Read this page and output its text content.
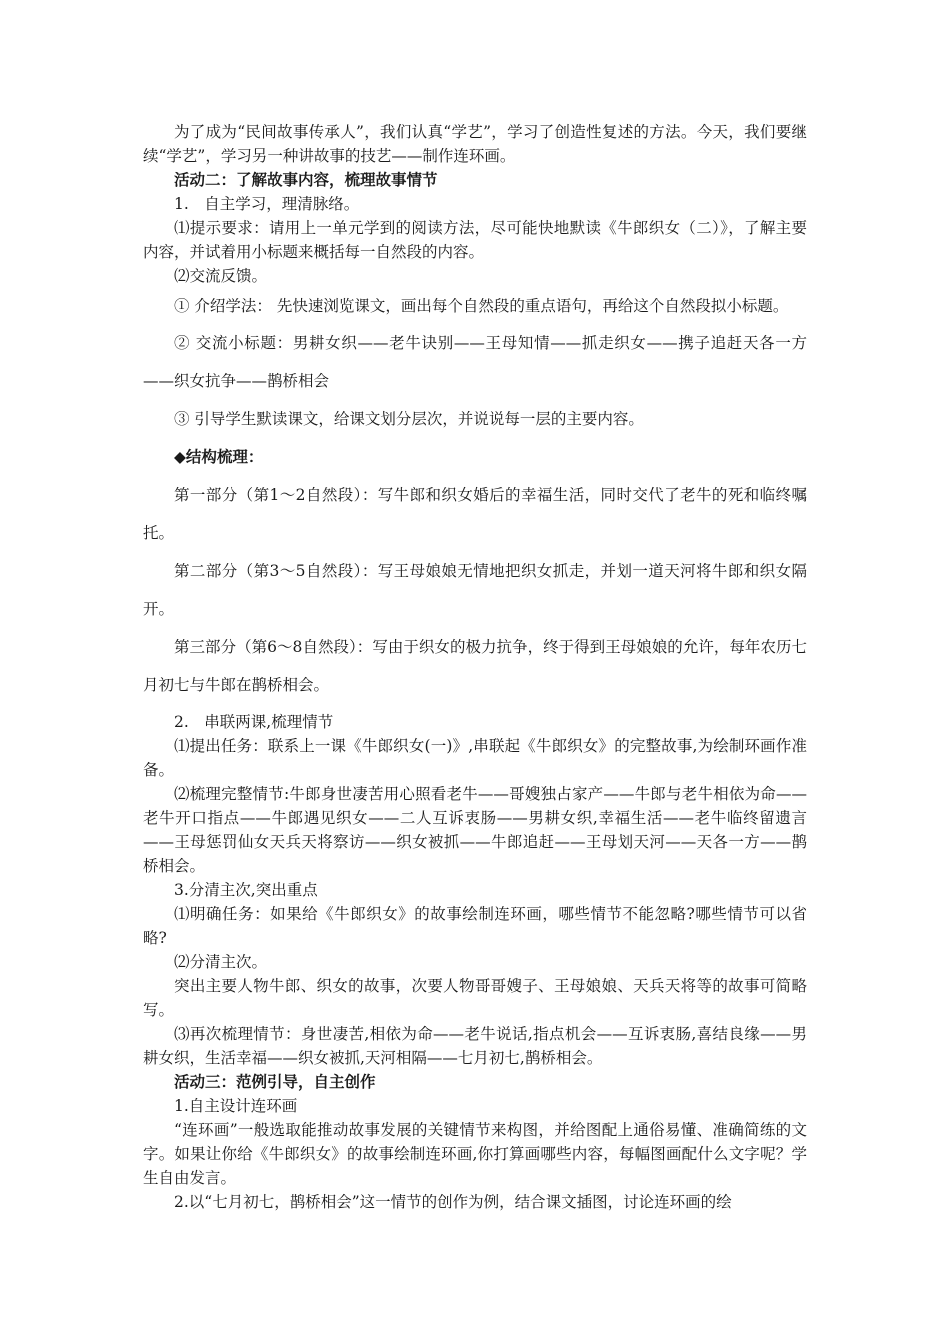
为了成为“民间故事传承人”，我们认真“学艺”，学习了创造性复述的方法。今天，我们要继续“学艺”，学习另一种讲故事的技艺——制作连环画。

活动二：了解故事内容，梳理故事情节

1.　自主学习，理清脉络。

⑴提示要求：请用上一单元学到的阅读方法，尽可能快地默读《牛郎织女（二）》，了解主要内容，并试着用小标题来概括每一自然段的内容。

⑵交流反馈。

① 介绍学法： 先快速浏览课文，画出每个自然段的重点语句，再给这个自然段拟小标题。

② 交流小标题：男耕女织——老牛诀别——王母知情——抓走织女——携子追赶天各一方——织女抗争——鹊桥相会

③ 引导学生默读课文，给课文划分层次，并说说每一层的主要内容。

◆结构梳理：

第一部分（第1～2自然段）：写牛郎和织女婚后的幸福生活，同时交代了老牛的死和临终嘱托。

第二部分（第3～5自然段）：写王母娘娘无情地把织女抓走，并划一道天河将牛郎和织女隔开。

第三部分（第6～8自然段）：写由于织女的极力抗争，终于得到王母娘娘的允许，每年农历七月初七与牛郎在鹊桥相会。

2.　串联两课,梳理情节

⑴提出任务：联系上一课《牛郎织女(一)》,串联起《牛郎织女》的完整故事,为绘制环画作准备。

⑵梳理完整情节:牛郎身世凄苦用心照看老牛——哥嫂独占家产——牛郎与老牛相依为命——老牛开口指点——牛郎遇见织女——二人互诉衷肠——男耕女织,幸福生活——老牛临终留遗言——王母惩罚仙女天兵天将察访——织女被抓——牛郎追赶——王母划天河——天各一方——鹊桥相会。

3.分清主次,突出重点

⑴明确任务：如果给《牛郎织女》的故事绘制连环画，哪些情节不能忽略?哪些情节可以省略?

⑵分清主次。

突出主要人物牛郎、织女的故事，次要人物哥哥嫂子、王母娘娘、天兵天将等的故事可简略写。

⑶再次梳理情节：身世凄苦,相依为命——老牛说话,指点机会——互诉衷肠,喜结良缘——男耕女织，生活幸福——织女被抓,天河相隔——七月初七,鹊桥相会。

活动三：范例引导，自主创作

1.自主设计连环画

“连环画”一般选取能推动故事发展的关键情节来构图，并给图配上通俗易懂、准确简练的文字。如果让你给《牛郎织女》的故事绘制连环画,你打算画哪些内容，每幅图画配什么文字呢？学生自由发言。

2.以“七月初七，鹊桥相会”这一情节的创作为例，结合课文插图，讨论连环画的绘
